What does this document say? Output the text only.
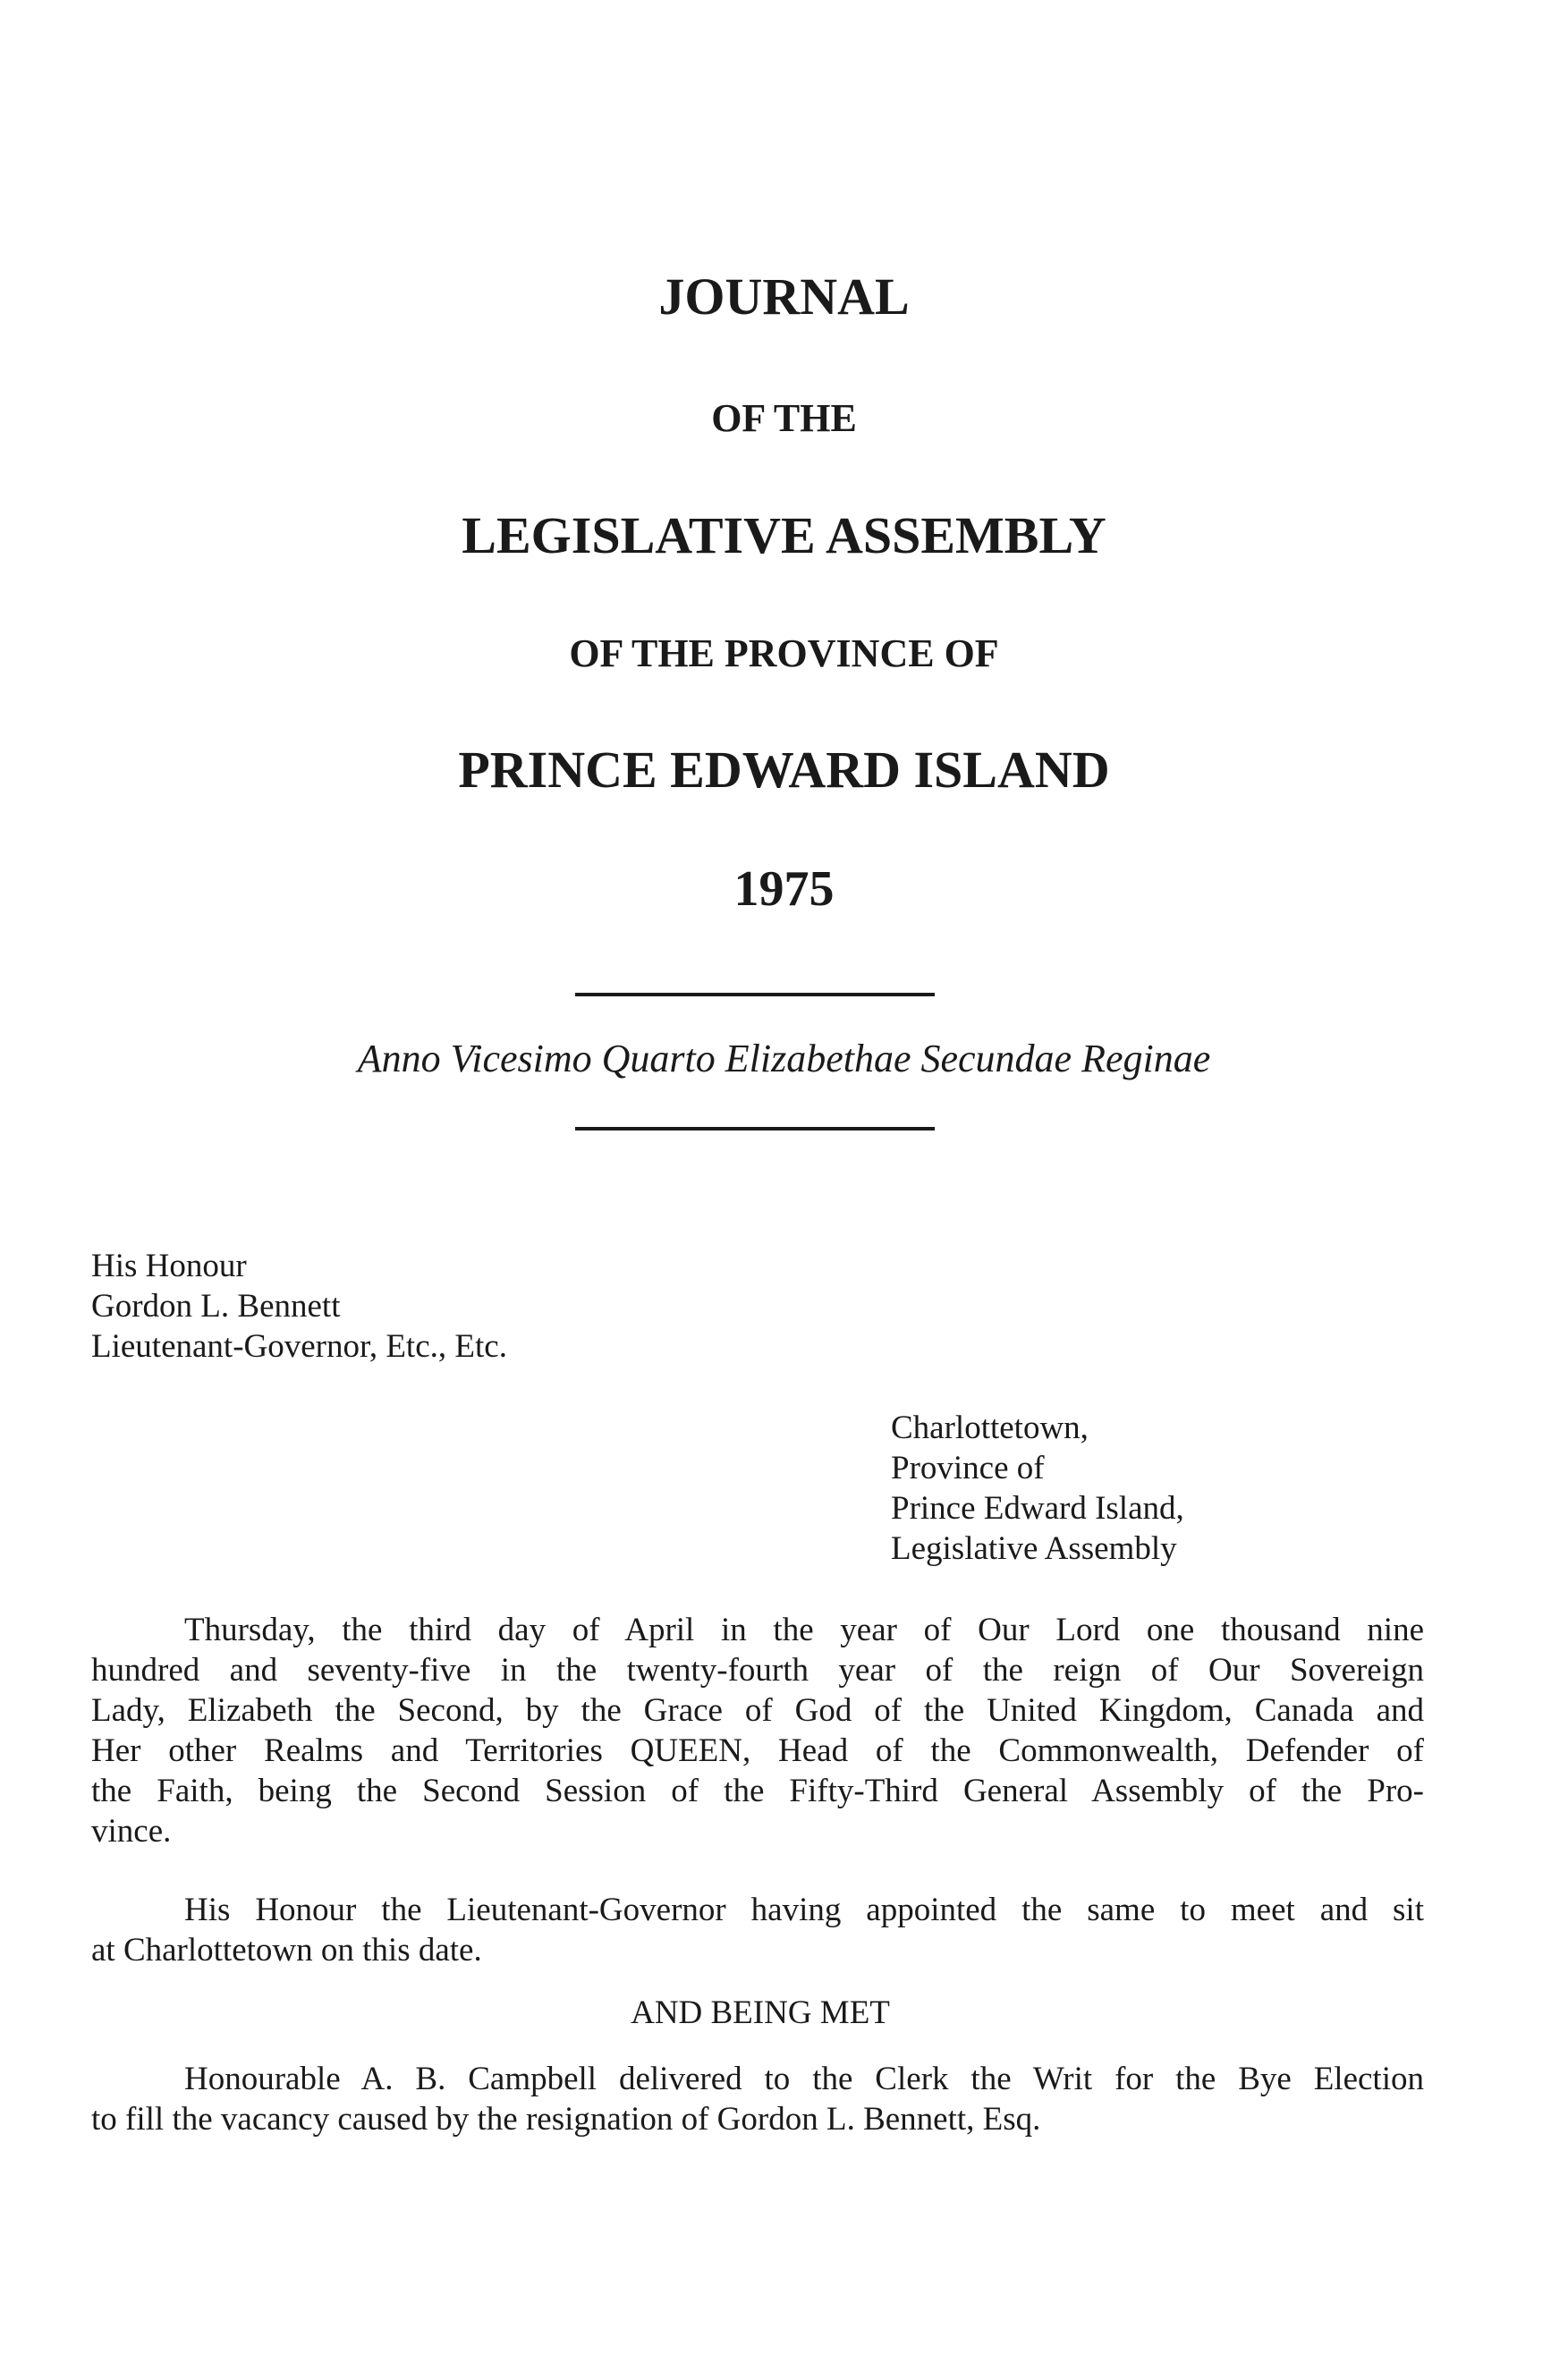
JOURNAL
OF THE
LEGISLATIVE ASSEMBLY
OF THE PROVINCE OF
PRINCE EDWARD ISLAND
1975
Anno Vicesimo Quarto Elizabethae Secundae Reginae
His Honour
Gordon L. Bennett
Lieutenant-Governor, Etc., Etc.
Charlottetown,
Province of
Prince Edward Island,
Legislative Assembly
Thursday, the third day of April in the year of Our Lord one thousand nine
hundred and seventy-five in the twenty-fourth year of the reign of Our Sovereign
Lady, Elizabeth the Second, by the Grace of God of the United Kingdom, Canada and
Her other Realms and Territories QUEEN, Head of the Commonwealth, Defender of
the Faith, being the Second Session of the Fifty-Third General Assembly of the Pro-
vince.
His Honour the Lieutenant-Governor having appointed the same to meet and sit
at Charlottetown on this date.
AND BEING MET
Honourable A. B. Campbell delivered to the Clerk the Writ for the Bye Election
to fill the vacancy caused by the resignation of Gordon L. Bennett, Esq.
